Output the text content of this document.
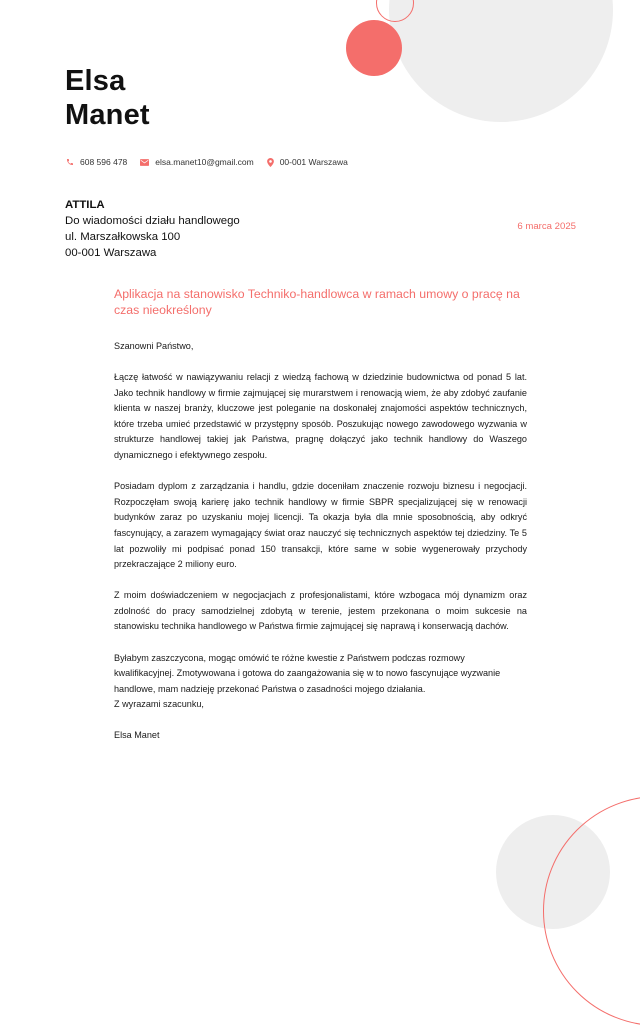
Elsa
Manet
608 596 478	elsa.manet10@gmail.com	00-001 Warszawa
ATTILA
Do wiadomości działu handlowego
ul. Marszałkowska 100
00-001 Warszawa
6 marca 2025
Aplikacja na stanowisko Techniko-handlowca w ramach umowy o pracę na czas nieokreślony

Szanowni Państwo,

Łączę łatwość w nawiązywaniu relacji z wiedzą fachową w dziedzinie budownictwa od ponad 5 lat. Jako technik handlowy w firmie zajmującej się murarstwem i renowacją wiem, że aby zdobyć zaufanie klienta w naszej branży, kluczowe jest poleganie na doskonałej znajomości aspektów technicznych, które trzeba umieć przedstawić w przystępny sposób. Poszukując nowego zawodowego wyzwania w strukturze handlowej takiej jak Państwa, pragnę dołączyć jako technik handlowy do Waszego dynamicznego i efektywnego zespołu.

Posiadam dyplom z zarządzania i handlu, gdzie doceniłam znaczenie rozwoju biznesu i negocjacji. Rozpoczęłam swoją karierę jako technik handlowy w firmie SBPR specjalizującej się w renowacji budynków zaraz po uzyskaniu mojej licencji. Ta okazja była dla mnie sposobnością, aby odkryć fascynujący, a zarazem wymagający świat oraz nauczyć się technicznych aspektów tej dziedziny. Te 5 lat pozwoliły mi podpisać ponad 150 transakcji, które same w sobie wygenerowały przychody przekraczające 2 miliony euro.

Z moim doświadczeniem w negocjacjach z profesjonalistami, które wzbogaca mój dynamizm oraz zdolność do pracy samodzielnej zdobytą w terenie, jestem przekonana o moim sukcesie na stanowisku technika handlowego w Państwa firmie zajmującej się naprawą i konserwacją dachów.

Byłabym zaszczycona, mogąc omówić te różne kwestie z Państwem podczas rozmowy kwalifikacyjnej. Zmotywowana i gotowa do zaangażowania się w to nowo fascynujące wyzwanie handlowe, mam nadzieję przekonać Państwa o zasadności mojego działania.

Z wyrazami szacunku,
Elsa Manet
